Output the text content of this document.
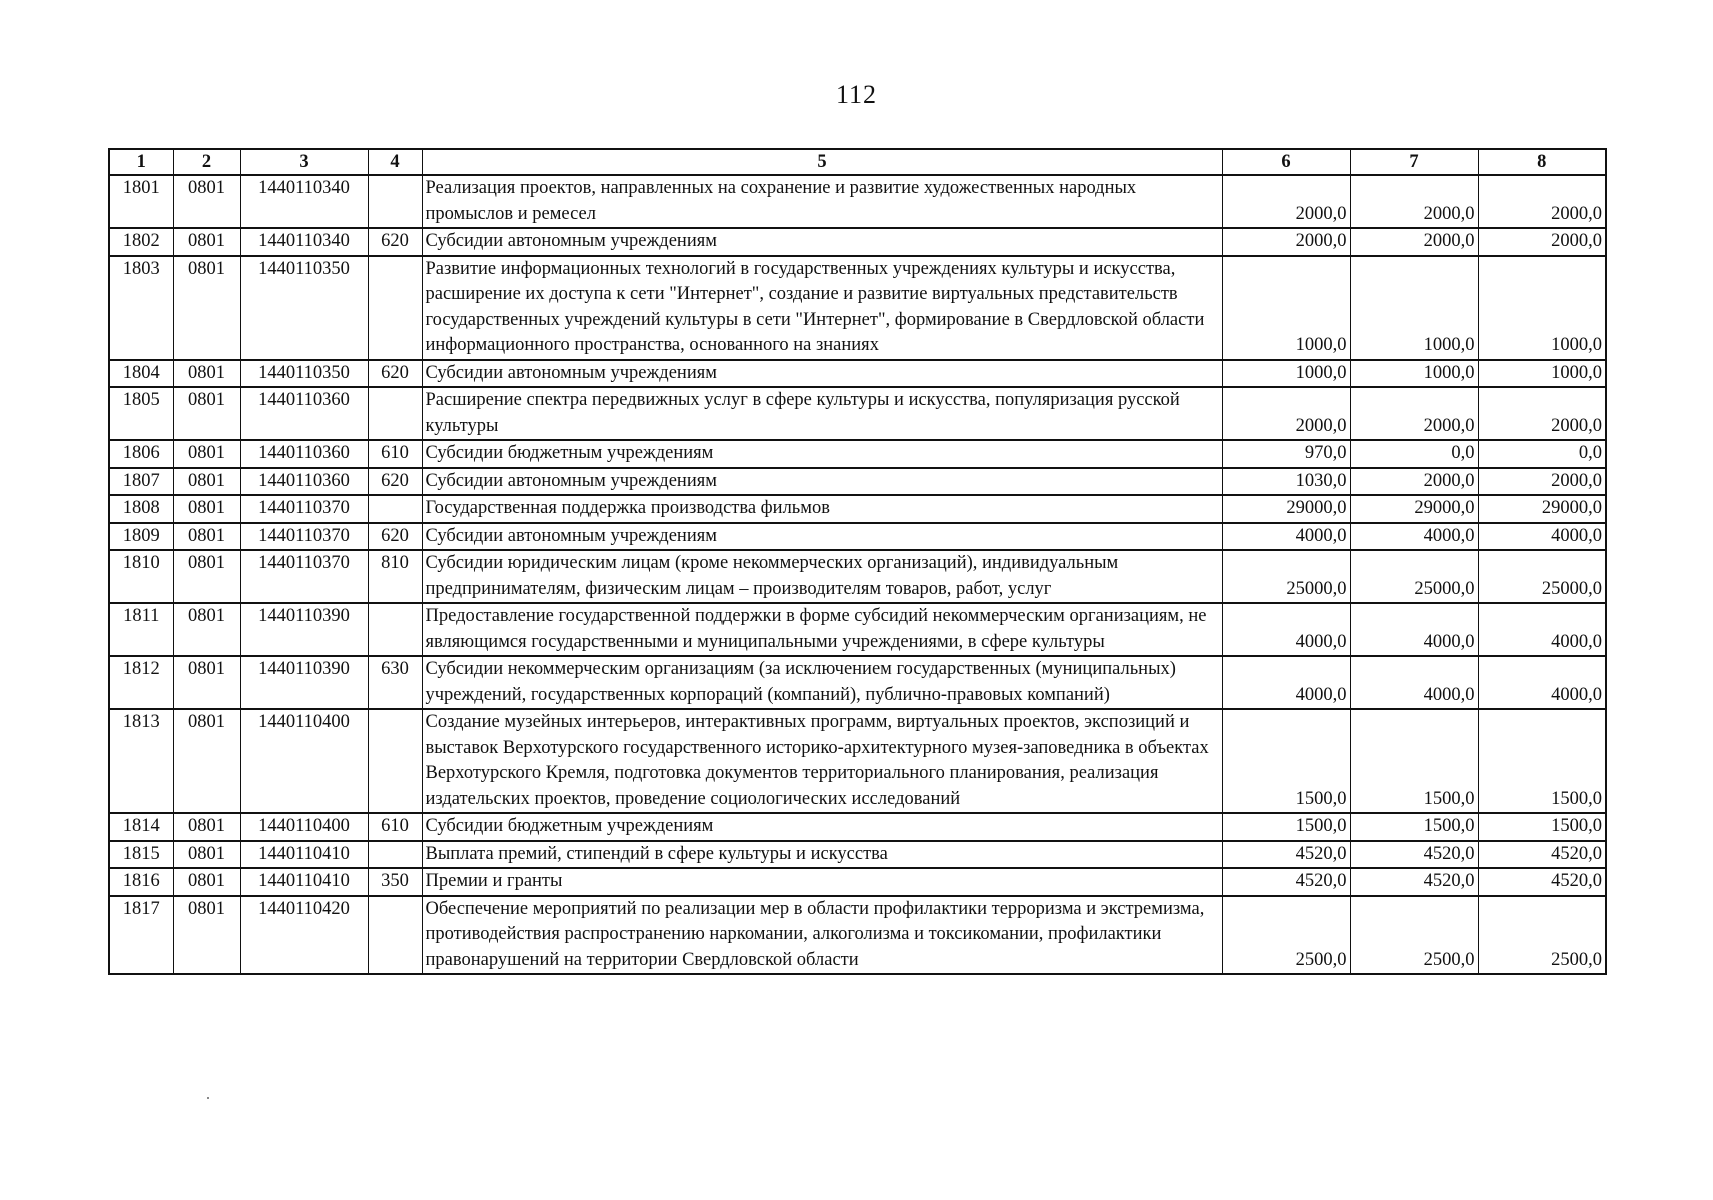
112
1	2	3	4	5	6	7	8
1801	0801	1440110340		Реализация проектов, направленных на сохранение и развитие художественных народных промыслов и ремесел	2000,0	2000,0	2000,0
1802	0801	1440110340	620	Субсидии автономным учреждениям	2000,0	2000,0	2000,0
1803	0801	1440110350		Развитие информационных технологий в государственных учреждениях культуры и искусства, расширение их доступа к сети "Интернет", создание и развитие виртуальных представительств государственных учреждений культуры в сети "Интернет", формирование в Свердловской области информационного пространства, основанного на знаниях	1000,0	1000,0	1000,0
1804	0801	1440110350	620	Субсидии автономным учреждениям	1000,0	1000,0	1000,0
1805	0801	1440110360		Расширение спектра передвижных услуг в сфере культуры и искусства, популяризация русской культуры	2000,0	2000,0	2000,0
1806	0801	1440110360	610	Субсидии бюджетным учреждениям	970,0	0,0	0,0
1807	0801	1440110360	620	Субсидии автономным учреждениям	1030,0	2000,0	2000,0
1808	0801	1440110370		Государственная поддержка производства фильмов	29000,0	29000,0	29000,0
1809	0801	1440110370	620	Субсидии автономным учреждениям	4000,0	4000,0	4000,0
1810	0801	1440110370	810	Субсидии юридическим лицам (кроме некоммерческих организаций), индивидуальным предпринимателям, физическим лицам – производителям товаров, работ, услуг	25000,0	25000,0	25000,0
1811	0801	1440110390		Предоставление государственной поддержки в форме субсидий некоммерческим организациям, не являющимся государственными и муниципальными учреждениями, в сфере культуры	4000,0	4000,0	4000,0
1812	0801	1440110390	630	Субсидии некоммерческим организациям (за исключением государственных (муниципальных) учреждений, государственных корпораций (компаний), публично-правовых компаний)	4000,0	4000,0	4000,0
1813	0801	1440110400		Создание музейных интерьеров, интерактивных программ, виртуальных проектов, экспозиций и выставок Верхотурского государственного историко-архитектурного музея-заповедника в объектах Верхотурского Кремля, подготовка документов территориального планирования, реализация издательских проектов, проведение социологических исследований	1500,0	1500,0	1500,0
1814	0801	1440110400	610	Субсидии бюджетным учреждениям	1500,0	1500,0	1500,0
1815	0801	1440110410		Выплата премий, стипендий в сфере культуры и искусства	4520,0	4520,0	4520,0
1816	0801	1440110410	350	Премии и гранты	4520,0	4520,0	4520,0
1817	0801	1440110420		Обеспечение мероприятий по реализации мер в области профилактики терроризма и экстремизма, противодействия распространению наркомании, алкоголизма и токсикомании, профилактики правонарушений на территории Свердловской области	2500,0	2500,0	2500,0
